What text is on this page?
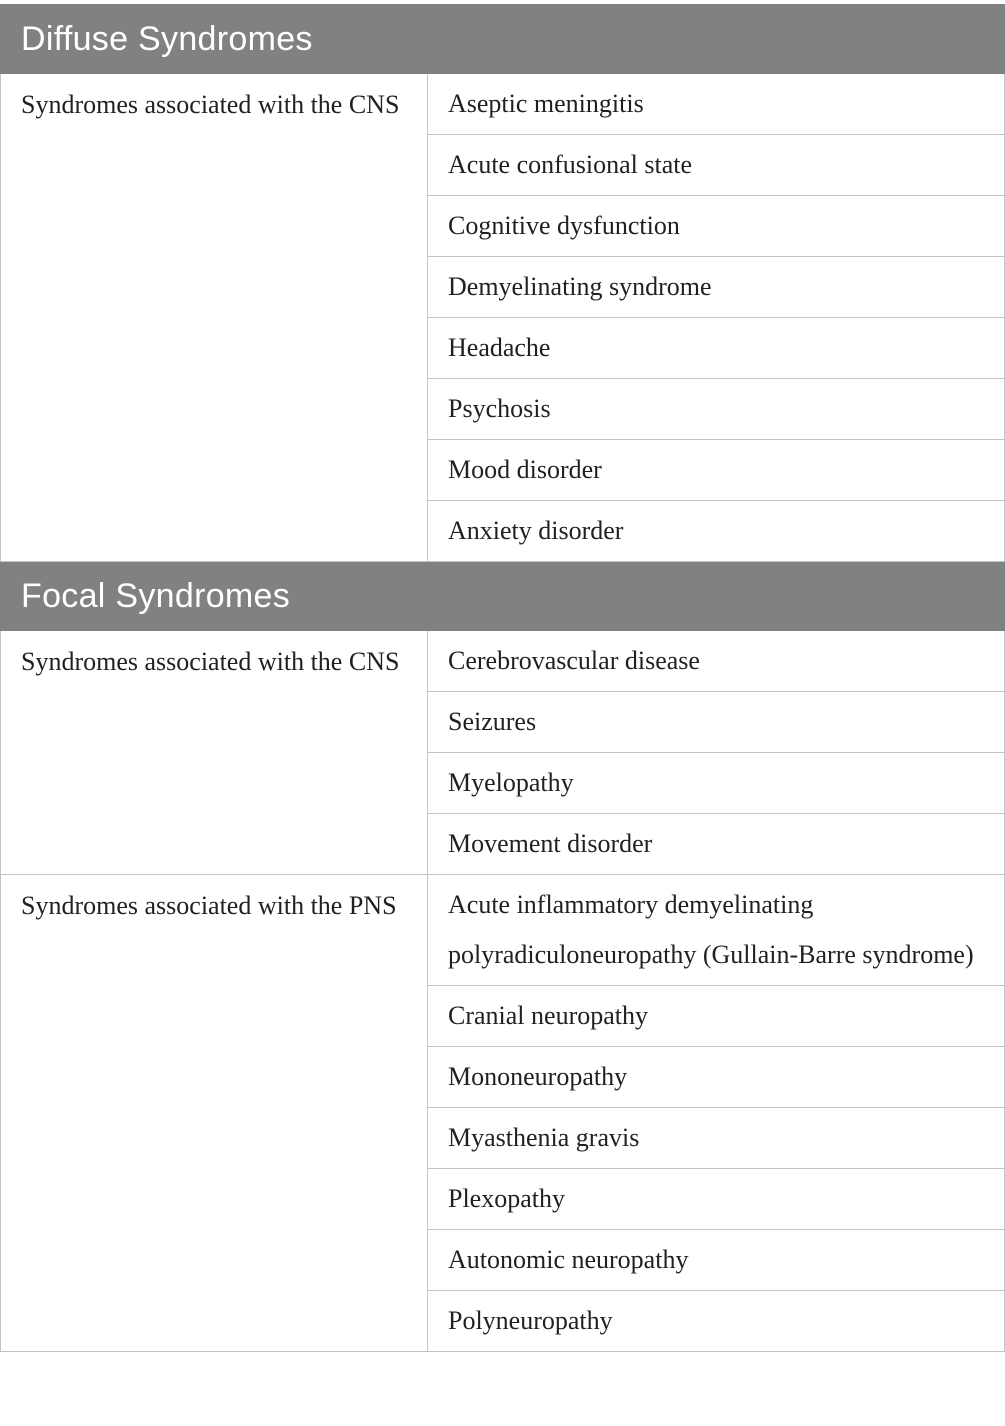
Diffuse Syndromes	
Syndromes associated with the CNS	Aseptic meningitis
	Acute confusional state
	Cognitive dysfunction
	Demyelinating syndrome
	Headache
	Psychosis
	Mood disorder
	Anxiety disorder
Focal Syndromes	
Syndromes associated with the CNS	Cerebrovascular disease
	Seizures
	Myelopathy
	Movement disorder
Syndromes associated with the PNS	Acute inflammatory demyelinating polyradiculoneuropathy (Gullain-Barre syndrome)
	Cranial neuropathy
	Mononeuropathy
	Myasthenia gravis
	Plexopathy
	Autonomic neuropathy
	Polyneuropathy
